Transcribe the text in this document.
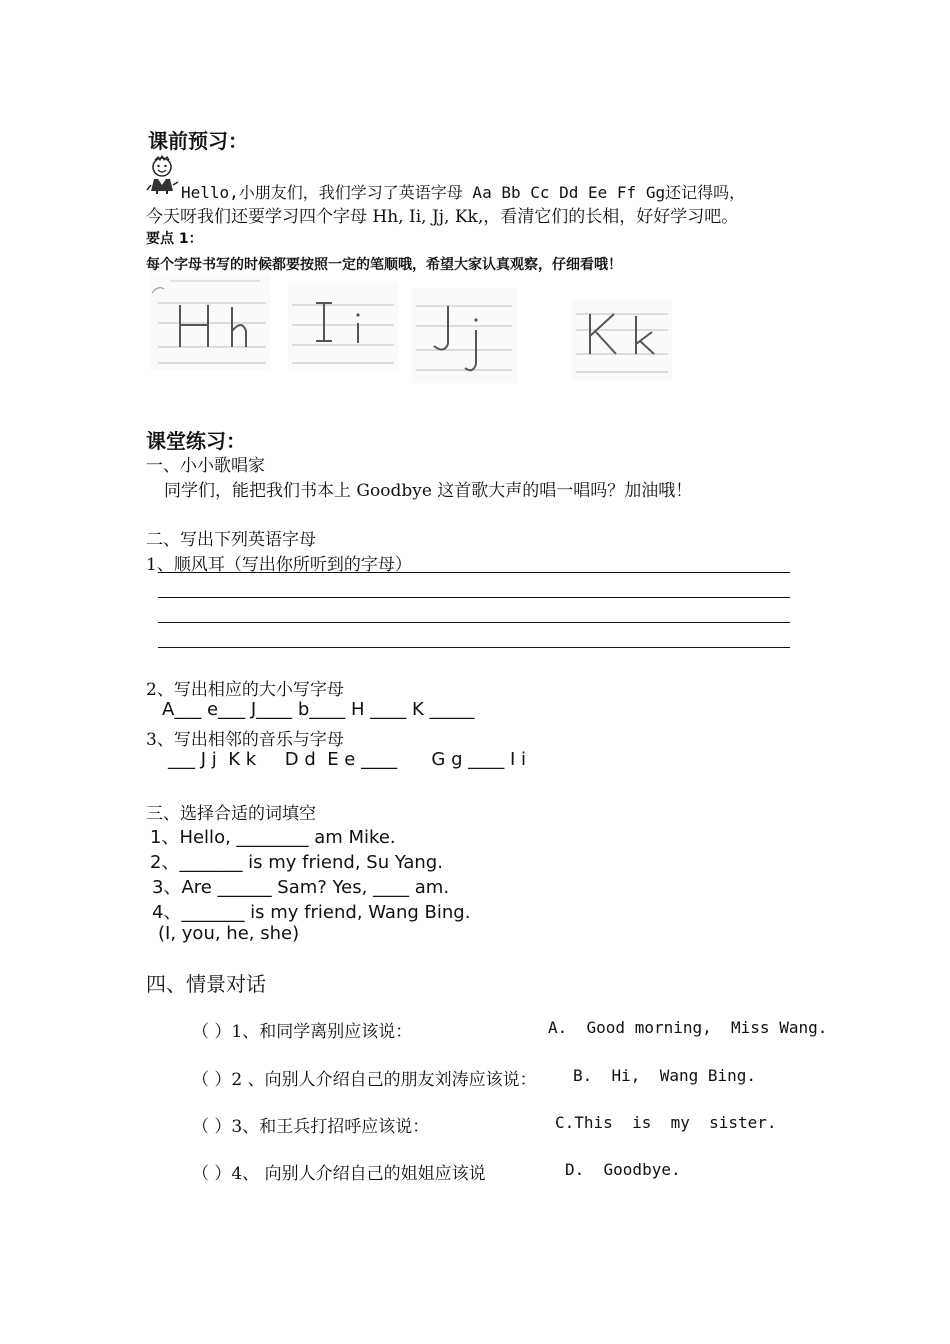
课前预习：
Hello,小朋友们，我们学习了英语字母 Aa Bb Cc Dd Ee Ff Gg还记得吗，
今天呀我们还要学习四个字母 Hh, Ii, Jj, Kk,，看清它们的长相，好好学习吧。
要点 1：
每个字母书写的时候都要按照一定的笔顺哦，希望大家认真观察，仔细看哦！
课堂练习：
一、小小歌唱家
同学们，能把我们书本上 Goodbye 这首歌大声的唱一唱吗？加油哦！
二、写出下列英语字母
1、顺风耳（写出你所听到的字母）
2、写出相应的大小写字母
A___ e___ J____ b____ H ____ K _____
3、写出相邻的音乐与字母
___ J j  K k     D d  E e ____      G g ____ I i
三、选择合适的词填空
1、Hello, ________ am Mike.
2、_______ is my friend, Su Yang.
3、Are ______ Sam? Yes, ____ am.
4、_______ is my friend, Wang Bing.
(I, you, he, she)
四、情景对话
（ ）1、和同学离别应该说：	A.  Good morning,  Miss Wang.
（ ）2 、向别人介绍自己的朋友刘涛应该说： B.  Hi,  Wang Bing.
（ ）3、和王兵打招呼应该说：	C.This  is  my  sister.
（ ）4、 向别人介绍自己的姐姐应该说	D.  Goodbye.
